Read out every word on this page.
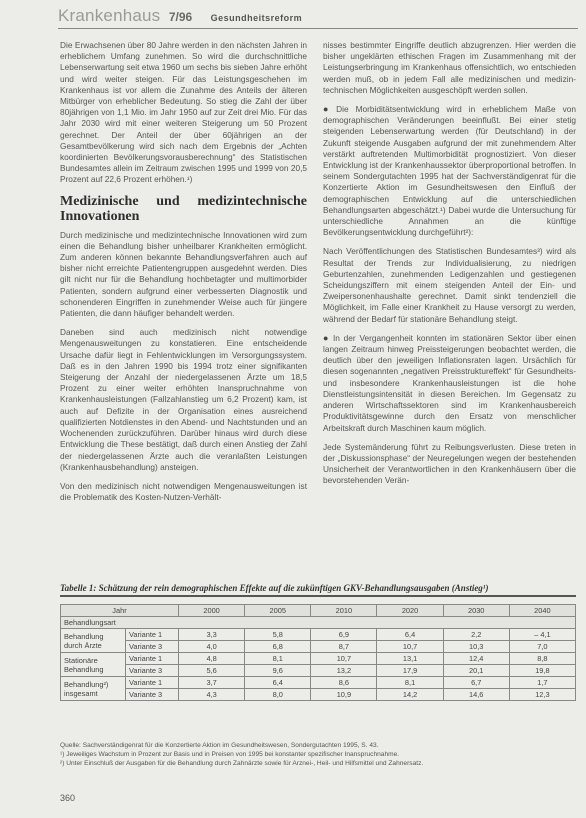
Krankenhaus 7/96 Gesundheitsreform

Die Erwachsenen über 80 Jahre werden in den nächsten Jahren in erheblichem Umfang zunehmen. So wird die durchschnittliche Lebenserwartung seit etwa 1960 um sechs bis sieben Jahre erhöht und wird weiter steigen. Für das Leistungsgeschehen im Krankenhaus ist vor allem die Zunahme des Anteils der älteren Mitbürger von erheblicher Bedeutung. So stieg die Zahl der über 80jährigen von 1,1 Mio. im Jahr 1950 auf zur Zeit drei Mio. Für das Jahr 2030 wird mit einer weiteren Steigerung um 50 Prozent gerechnet. Der Anteil der über 60jährigen an der Gesamtbevölkerung wird sich nach dem Ergebnis der „Achten koordinierten Bevölkerungsvorausberechnung“ des Statistischen Bundesamtes allein im Zeitraum zwischen 1995 und 1999 von 20,5 Prozent auf 22,6 Prozent erhöhen.¹)

Medizinische und medizintechnische Innovationen

Durch medizinische und medizintechnische Innovationen wird zum einen die Behandlung bisher unheilbarer Krankheiten ermöglicht. Zum anderen können bekannte Behandlungsverfahren auch auf bisher nicht erreichte Patientengruppen ausgedehnt werden. Dies gilt nicht nur für die Behandlung hochbetagter und multimorbider Patienten, sondern aufgrund einer verbesserten Diagnostik und schonenderen Eingriffen in zunehmender Weise auch für jüngere Patienten, die dann häufiger behandelt werden.

Daneben sind auch medizinisch nicht notwendige Mengenausweitungen zu konstatieren. Eine entscheidende Ursache dafür liegt in Fehlentwicklungen im Versorgungssystem. Daß es in den Jahren 1990 bis 1994 trotz einer signifikanten Steigerung der Anzahl der niedergelassenen Ärzte um 18,5 Prozent zu einer weiter erhöhten Inanspruchnahme von Krankenhausleistungen (Fallzahlanstieg um 6,2 Prozent) kam, ist auch auf Defizite in der Organisation eines ausreichend qualifizierten Notdienstes in den Abend- und Nachtstunden und an Wochenenden zurückzuführen. Darüber hinaus wird durch diese Entwicklung die These bestätigt, daß durch einen Anstieg der Zahl der niedergelassenen Ärzte auch die veranlaßten Leistungen (Krankenhausbehandlung) ansteigen.

Von den medizinisch nicht notwendigen Mengenausweitungen ist die Problematik des Kosten-Nutzen-Verhält-

nisses bestimmter Eingriffe deutlich abzugrenzen. Hier werden die bisher ungeklärten ethischen Fragen im Zusammenhang mit der Leistungserbringung im Krankenhaus offensichtlich, wo entschieden werden muß, ob in jedem Fall alle medizinischen und medizin-technischen Möglichkeiten ausgeschöpft werden sollen.

● Die Morbiditätsentwicklung wird in erheblichem Maße von demographischen Veränderungen beeinflußt. Bei einer stetig steigenden Lebenserwartung werden (für Deutschland) in der Zukunft steigende Ausgaben aufgrund der mit zunehmendem Alter verstärkt auftretenden Multimorbidität prognostiziert. Von dieser Entwicklung ist der Krankenhaussektor überproportional betroffen. In seinem Sondergutachten 1995 hat der Sachverständigenrat für die Konzertierte Aktion im Gesundheitswesen den Einfluß der demographischen Entwicklung auf die unterschiedlichen Behandlungsarten abgeschätzt.¹) Dabei wurde die Untersuchung für unterschiedliche Annahmen an die künftige Bevölkerungsentwicklung durchgeführt²):

Nach Veröffentlichungen des Statistischen Bundesamtes³) wird als Resultat der Trends zur Individualisierung, zu niedrigen Geburtenzahlen, zunehmenden Ledigenzahlen und gestiegenen Scheidungsziffern mit einem steigenden Anteil der Ein- und Zweipersonenhaushalte gerechnet. Damit sinkt tendenziell die Möglichkeit, im Falle einer Krankheit zu Hause versorgt zu werden, während der Bedarf für stationäre Behandlung steigt.

● In der Vergangenheit konnten im stationären Sektor über einen langen Zeitraum hinweg Preissteigerungen beobachtet werden, die deutlich über den jeweiligen Inflationsraten lagen. Ursächlich für diesen sogenannten „negativen Preisstruktureffekt“ für Gesundheits- und insbesondere Krankenhausleistungen ist die hohe Dienstleistungsintensität in diesen Bereichen. Im Gegensatz zu anderen Wirtschaftssektoren sind im Krankenhausbereich Produktivitätsgewinne durch den Ersatz von menschlicher Arbeitskraft durch Maschinen kaum möglich.

Jede Systemänderung führt zu Reibungsverlusten. Diese treten in der „Diskussionsphase“ der Neuregelungen wegen der bestehenden Unsicherheit der Verantwortlichen in den Krankenhäusern über die bevorstehenden Verän-

Tabelle 1: Schätzung der rein demographischen Effekte auf die zukünftigen GKV-Behandlungsausgaben (Anstieg¹)
Jahr		2000	2005	2010	2020	2030	2040
Behandlungsart							
Behandlung durch Ärzte	Variante 1	3,3	5,8	6,9	6,4	2,2	– 4,1
	Variante 3	4,0	6,8	8,7	10,7	10,3	7,0
Stationäre Behandlung	Variante 1	4,8	8,1	10,7	13,1	12,4	8,8
	Variante 3	5,6	9,6	13,2	17,9	20,1	19,8
Behandlung²) insgesamt	Variante 1	3,7	6,4	8,6	8,1	6,7	1,7
	Variante 3	4,3	8,0	10,9	14,2	14,6	12,3

Quelle: Sachverständigenrat für die Konzertierte Aktion im Gesundheitswesen, Sondergutachten 1995, S. 43.

¹) Jeweiliges Wachstum in Prozent zur Basis und in Preisen von 1995 bei konstanter spezifischer Inanspruchnahme.

²) Unter Einschluß der Ausgaben für die Behandlung durch Zahnärzte sowie für Arznei-, Heil- und Hilfsmittel und Zahnersatz.

360
